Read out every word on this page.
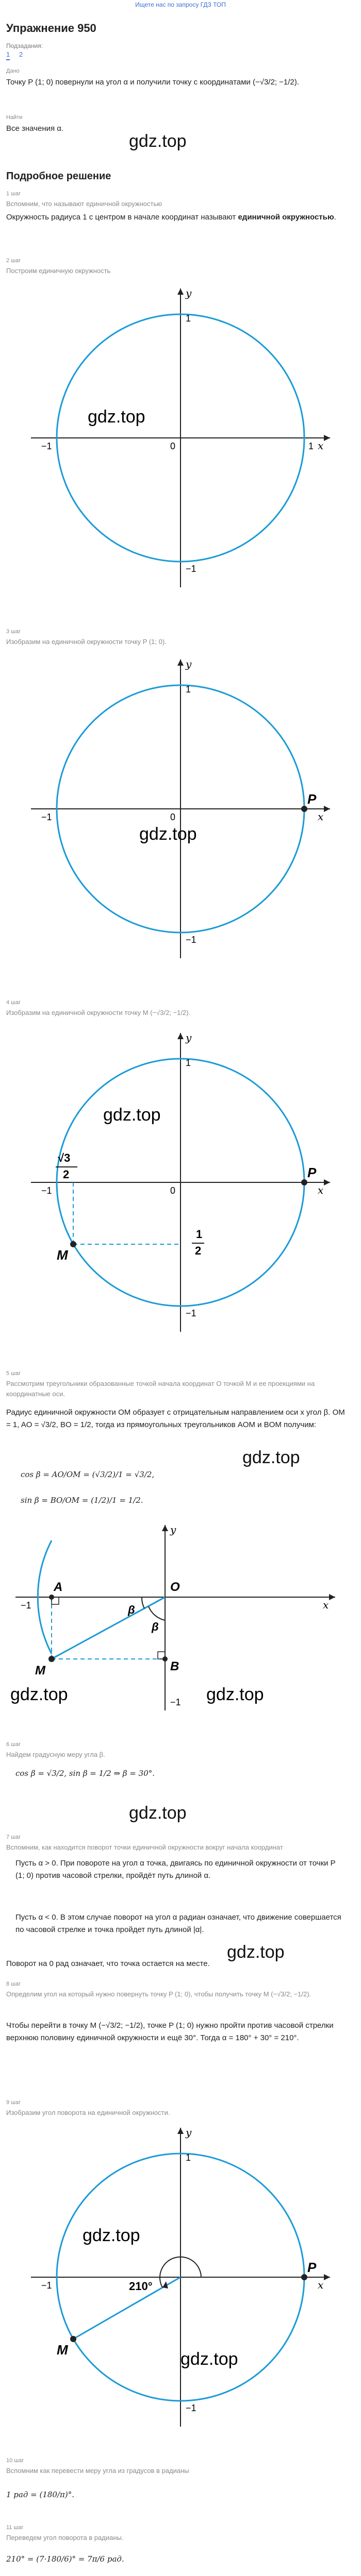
Ищете нас по запросу ГДЗ ТОП
Упражнение 950
Подзадания:
1 2
Дано
Точку P (1; 0) повернули на угол α и получили точку с координатами (−√3/2; −1/2).
Найти
Все значения α.
gdz.top
Подробное решение
1 шаг
Вспомним, что называют единичной окружностью
Окружность радиуса 1 с центром в начале координат называют единичной окружностью.
2 шаг
Построим единичную окружность
x
y
0	1
−1
1
−1
gdz.top
3 шаг
Изобразим на единичной окружности точку P (1; 0).
P
x
y
0
−1
1
−1
gdz.top
4 шаг
Изобразим на единичной окружности точку M (−√3/2; −1/2).
M
P
√3
2
1
2
x
y
0
−1
1
−1
gdz.top
5 шаг
Рассмотрим треугольники образованные точкой начала координат O точкой M и ее проекциями на координатные оси.
Радиус единичной окружности OM образует с отрицательным направлением оси x угол β. OM = 1, AO = √3/2, BO = 1/2, тогда из прямоугольных треугольников AOM и BOM получим:
cos β = AO/OM = (√3/2)/1 = √3/2,
sin β = BO/OM = (1/2)/1 = 1/2.
gdz.top
A	O
B
M
β
β
−1	x
y
−1
gdz.top	gdz.top
6 шаг
Найдем градусную меру угла β.
cos β = √3/2, sin β = 1/2 ⇒ β = 30°.
gdz.top
7 шаг
Вспомним, как находится поворот точки единичной окружности вокруг начала координат
Пусть α > 0. При повороте на угол α точка, двигаясь по единичной окружности от точки P (1; 0) против часовой стрелки, пройдёт путь длиной α.
Пусть α < 0. В этом случае поворот на угол α радиан означает, что движение совершается по часовой стрелке и точка пройдет путь длиной |α|.
Поворот на 0 рад означает, что точка остается на месте.
8 шаг
Определим угол на который нужно повернуть точку P (1; 0), чтобы получить точку M (−√3/2; −1/2).
Чтобы перейти в точку M (−√3/2; −1/2), точке P (1; 0) нужно пройти против часовой стрелки верхнюю половину единичной окружности и ещё 30°. Тогда α = 180° + 30° = 210°.
gdz.top
9 шаг
Изобразим угол поворота на единичной окружности.
M
P
210°	x
y
−1
1
−1
gdz.top
gdz.top
10 шаг
Вспомним как перевести меру угла из градусов в радианы
1 рад = (180/π)°.
11 шаг
Переведем угол поворота в радианы.
210° = (7·180/6)° = 7π/6 рад.
